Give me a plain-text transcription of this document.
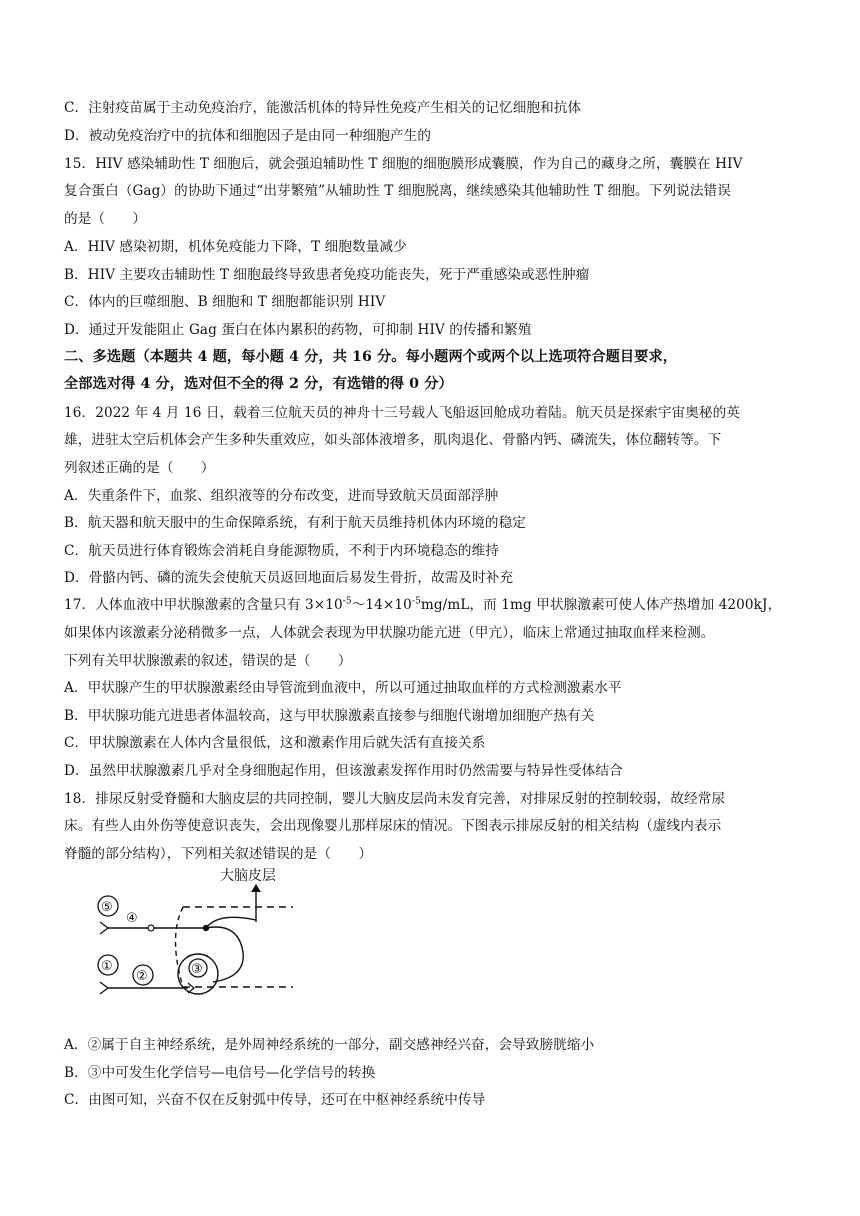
C．注射疫苗属于主动免疫治疗，能激活机体的特异性免疫产生相关的记忆细胞和抗体
D．被动免疫治疗中的抗体和细胞因子是由同一种细胞产生的
15．HIV 感染辅助性 T 细胞后，就会强迫辅助性 T 细胞的细胞膜形成囊膜，作为自己的藏身之所，囊膜在 HIV
复合蛋白（Gag）的协助下通过“出芽繁殖”从辅助性 T 细胞脱离，继续感染其他辅助性 T 细胞。下列说法错误
的是（　　）
A．HIV 感染初期，机体免疫能力下降，T 细胞数量减少
B．HIV 主要攻击辅助性 T 细胞最终导致患者免疫功能丧失，死于严重感染或恶性肿瘤
C．体内的巨噬细胞、B 细胞和 T 细胞都能识别 HIV
D．通过开发能阻止 Gag 蛋白在体内累积的药物，可抑制 HIV 的传播和繁殖
二、多选题（本题共 4 题，每小题 4 分，共 16 分。每小题两个或两个以上选项符合题目要求，
全部选对得 4 分，选对但不全的得 2 分，有选错的得 0 分）
16．2022 年 4 月 16 日，载着三位航天员的神舟十三号载人飞船返回舱成功着陆。航天员是探索宇宙奥秘的英
雄，进驻太空后机体会产生多种失重效应，如头部体液增多，肌肉退化、骨骼内钙、磷流失，体位翻转等。下
列叙述正确的是（　　）
A．失重条件下，血浆、组织液等的分布改变，进而导致航天员面部浮肿
B．航天器和航天服中的生命保障系统，有利于航天员维持机体内环境的稳定
C．航天员进行体育锻炼会消耗自身能源物质，不利于内环境稳态的维持
D．骨骼内钙、磷的流失会使航天员返回地面后易发生骨折，故需及时补充
17．人体血液中甲状腺激素的含量只有 $3\times 10^{-5}\sim 14\times 10^{-5}mg/mL$，而 1mg 甲状腺激素可使人体产热增加 4200kJ，
如果体内该激素分泌稍微多一点，人体就会表现为甲状腺功能亢进（甲亢），临床上常通过抽取血样来检测。
下列有关甲状腺激素的叙述，错误的是（　　）
A．甲状腺产生的甲状腺激素经由导管流到血液中，所以可通过抽取血样的方式检测激素水平
B．甲状腺功能亢进患者体温较高，这与甲状腺激素直接参与细胞代谢增加细胞产热有关
C．甲状腺激素在人体内含量很低，这和激素作用后就失活有直接关系
D．虽然甲状腺激素几乎对全身细胞起作用，但该激素发挥作用时仍然需要与特异性受体结合
18．排尿反射受脊髓和大脑皮层的共同控制，婴儿大脑皮层尚未发育完善，对排尿反射的控制较弱，故经常尿
床。有些人由外伤等使意识丧失，会出现像婴儿那样尿床的情况。下图表示排尿反射的相关结构（虚线内表示
脊髓的部分结构），下列相关叙述错误的是（　　）
大脑皮层
⑤
④
①
②	③
A．②属于自主神经系统，是外周神经系统的一部分，副交感神经兴奋，会导致膀胱缩小
B．③中可发生化学信号—电信号—化学信号的转换
C．由图可知，兴奋不仅在反射弧中传导，还可在中枢神经系统中传导
